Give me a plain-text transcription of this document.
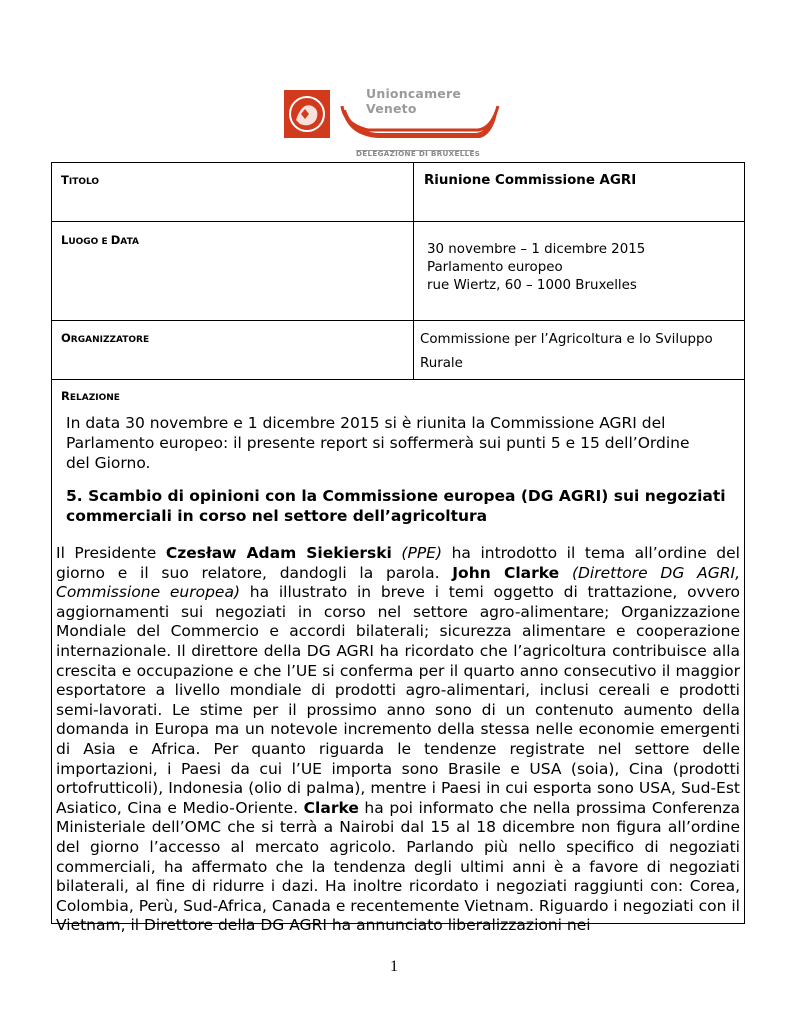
Unioncamere
Veneto
DELEGAZIONE DI BRUXELLES
TITOLO	Riunione Commissione AGRI
LUOGO E DATA	30 novembre – 1 dicembre 2015
Parlamento europeo
rue Wiertz, 60 – 1000 Bruxelles
ORGANIZZATORE	Commissione per l’Agricoltura e lo Sviluppo
Rurale
RELAZIONE
In data 30 novembre e 1 dicembre 2015 si è riunita la Commissione AGRI del Parlamento europeo: il presente report si soffermerà sui punti 5 e 15 dell’Ordine del Giorno.
5. Scambio di opinioni con la Commissione europea (DG AGRI) sui negoziati commerciali in corso nel settore dell’agricoltura
Il Presidente Czesław Adam Siekierski (PPE) ha introdotto il tema all’ordine del giorno e il suo relatore, dandogli la parola. John Clarke (Direttore DG AGRI, Commissione europea) ha illustrato in breve i temi oggetto di trattazione, ovvero aggiornamenti sui negoziati in corso nel settore agro-alimentare; Organizzazione Mondiale del Commercio e accordi bilaterali; sicurezza alimentare e cooperazione internazionale. Il direttore della DG AGRI ha ricordato che l’agricoltura contribuisce alla crescita e occupazione e che l’UE si conferma per il quarto anno consecutivo il maggior esportatore a livello mondiale di prodotti agro-alimentari, inclusi cereali e prodotti semi-lavorati. Le stime per il prossimo anno sono di un contenuto aumento della domanda in Europa ma un notevole incremento della stessa nelle economie emergenti di Asia e Africa. Per quanto riguarda le tendenze registrate nel settore delle importazioni, i Paesi da cui l’UE importa sono Brasile e USA (soia), Cina (prodotti ortofrutticoli), Indonesia (olio di palma), mentre i Paesi in cui esporta sono USA, Sud-Est Asiatico, Cina e Medio-Oriente. Clarke ha poi informato che nella prossima Conferenza Ministeriale dell’OMC che si terrà a Nairobi dal 15 al 18 dicembre non figura all’ordine del giorno l’accesso al mercato agricolo. Parlando più nello specifico di negoziati commerciali, ha affermato che la tendenza degli ultimi anni è a favore di negoziati bilaterali, al fine di ridurre i dazi. Ha inoltre ricordato i negoziati raggiunti con: Corea, Colombia, Perù, Sud-Africa, Canada e recentemente Vietnam. Riguardo i negoziati con il Vietnam, il Direttore della DG AGRI ha annunciato liberalizzazioni nei
1
